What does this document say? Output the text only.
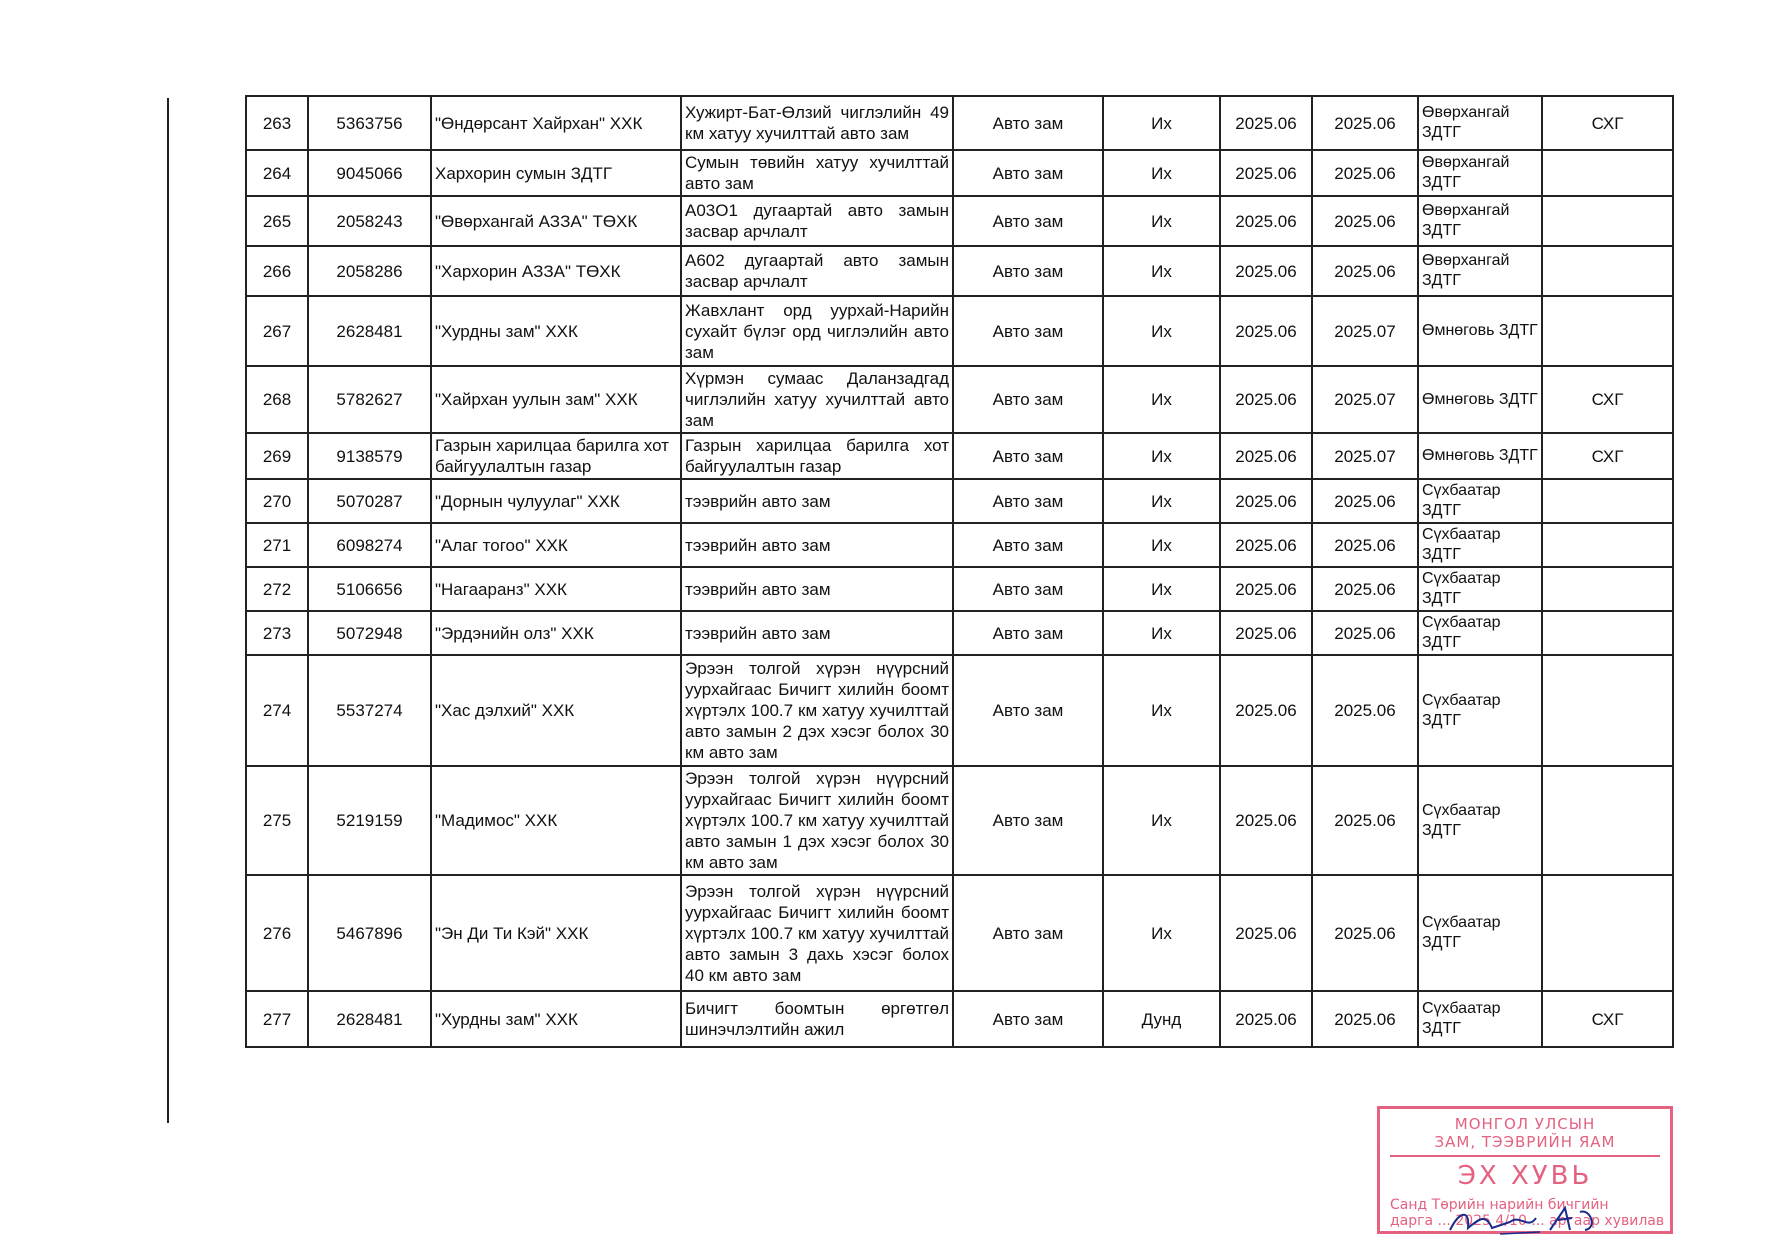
263	5363756	"Өндөрсант Хайрхан" ХХК	Хужирт-Бат-Өлзий чиглэлийн 49 км хатуу хучилттай авто зам	Авто зам	Их	2025.06	2025.06	Өвөрхангай ЗДТГ	СХГ
264	9045066	Хархорин сумын ЗДТГ	Сумын төвийн хатуу хучилттай авто зам	Авто зам	Их	2025.06	2025.06	Өвөрхангай ЗДТГ	
265	2058243	"Өвөрхангай АЗЗА" ТӨХК	А03О1 дугаартай авто замын засвар арчлалт	Авто зам	Их	2025.06	2025.06	Өвөрхангай ЗДТГ	
266	2058286	"Хархорин АЗЗА" ТӨХК	А602 дугаартай авто замын засвар арчлалт	Авто зам	Их	2025.06	2025.06	Өвөрхангай ЗДТГ	
267	2628481	"Хурдны зам" ХХК	Жавхлант орд уурхай-Нарийн сухайт бүлэг орд чиглэлийн авто зам	Авто зам	Их	2025.06	2025.07	Өмнөговь ЗДТГ	
268	5782627	"Хайрхан уулын зам" ХХК	Хүрмэн сумаас Даланзадгад чиглэлийн хатуу хучилттай авто зам	Авто зам	Их	2025.06	2025.07	Өмнөговь ЗДТГ	СХГ
269	9138579	Газрын харилцаа барилга хот байгуулалтын газар	Газрын харилцаа барилга хот байгуулалтын газар	Авто зам	Их	2025.06	2025.07	Өмнөговь ЗДТГ	СХГ
270	5070287	"Дорнын чулуулаг" ХХК	тээврийн авто зам	Авто зам	Их	2025.06	2025.06	Сүхбаатар ЗДТГ	
271	6098274	"Алаг тогоо" ХХК	тээврийн авто зам	Авто зам	Их	2025.06	2025.06	Сүхбаатар ЗДТГ	
272	5106656	"Нагааранз" ХХК	тээврийн авто зам	Авто зам	Их	2025.06	2025.06	Сүхбаатар ЗДТГ	
273	5072948	"Эрдэнийн олз" ХХК	тээврийн авто зам	Авто зам	Их	2025.06	2025.06	Сүхбаатар ЗДТГ	
274	5537274	"Хас дэлхий" ХХК	Эрээн толгой хүрэн нүүрсний уурхайгаас Бичигт хилийн боомт хүртэлх 100.7 км хатуу хучилттай авто замын 2 дэх хэсэг болох 30 км авто зам	Авто зам	Их	2025.06	2025.06	Сүхбаатар ЗДТГ	
275	5219159	"Мадимос" ХХК	Эрээн толгой хүрэн нүүрсний уурхайгаас Бичигт хилийн боомт хүртэлх 100.7 км хатуу хучилттай авто замын 1 дэх хэсэг болох 30 км авто зам	Авто зам	Их	2025.06	2025.06	Сүхбаатар ЗДТГ	
276	5467896	"Эн Ди Ти Кэй" ХХК	Эрээн толгой хүрэн нүүрсний уурхайгаас Бичигт хилийн боомт хүртэлх 100.7 км хатуу хучилттай авто замын 3 дахь хэсэг болох 40 км авто зам	Авто зам	Их	2025.06	2025.06	Сүхбаатар ЗДТГ	
277	2628481	"Хурдны зам" ХХК	Бичигт боомтын өргөтгөл шинэчлэлтийн ажил	Авто зам	Дунд	2025.06	2025.06	Сүхбаатар ЗДТГ	СХГ
МОНГОЛ УЛСЫН
ЗАМ, ТЭЭВРИЙН ЯАМ
ЭХ ХУВЬ
Санд Төрийн нарийн бичгийн
дарга ... 2025 4/10 ... аргаар хувилав
